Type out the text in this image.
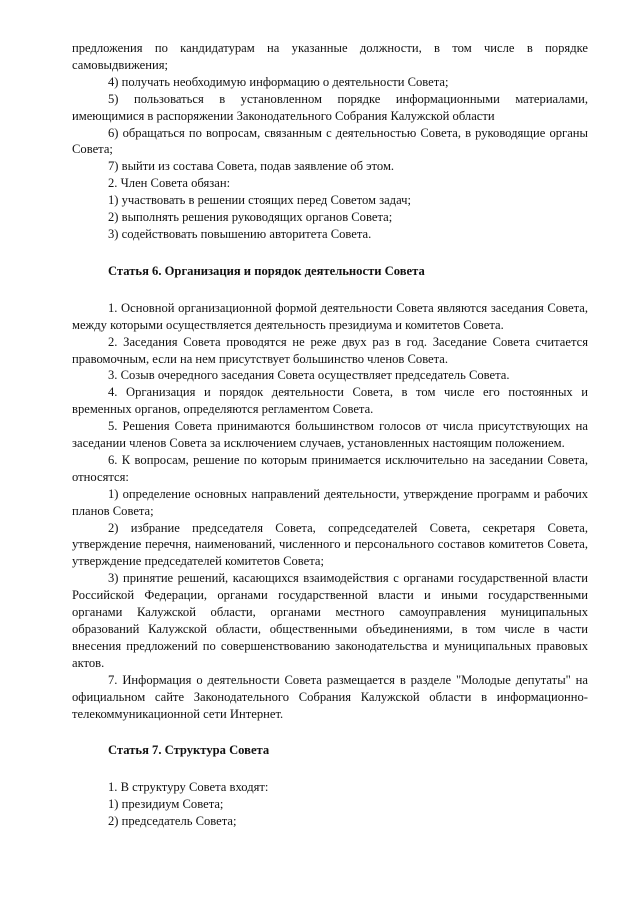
предложения по кандидатурам на указанные должности, в том числе в порядке самовыдвижения;

4) получать необходимую информацию о деятельности Совета;

5) пользоваться в установленном порядке информационными материалами, имеющимися в распоряжении Законодательного Собрания Калужской области

6) обращаться по вопросам, связанным с деятельностью Совета, в руководящие органы Совета;

7) выйти из состава Совета, подав заявление об этом.

2. Член Совета обязан:

1) участвовать в решении стоящих перед Советом задач;

2) выполнять решения руководящих органов Совета;

3) содействовать повышению авторитета Совета.

Статья 6. Организация и порядок деятельности Совета

1. Основной организационной формой деятельности Совета являются заседания Совета, между которыми осуществляется деятельность президиума и комитетов Совета.

2. Заседания Совета проводятся не реже двух раз в год. Заседание Совета считается правомочным, если на нем присутствует большинство членов Совета.

3. Созыв очередного заседания Совета осуществляет председатель Совета.

4. Организация и порядок деятельности Совета, в том числе его постоянных и временных органов, определяются регламентом Совета.

5. Решения Совета принимаются большинством голосов от числа присутствующих на заседании членов Совета за исключением случаев, установленных настоящим положением.

6. К вопросам, решение по которым принимается исключительно на заседании Совета, относятся:

1) определение основных направлений деятельности, утверждение программ и рабочих планов Совета;

2) избрание председателя Совета, сопредседателей Совета, секретаря Совета, утверждение перечня, наименований, численного и персонального составов комитетов Совета, утверждение председателей комитетов Совета;

3) принятие решений, касающихся взаимодействия с органами государственной власти Российской Федерации, органами государственной власти и иными государственными органами Калужской области, органами местного самоуправления муниципальных образований Калужской области, общественными объединениями, в том числе в части внесения предложений по совершенствованию законодательства и муниципальных правовых актов.

7. Информация о деятельности Совета размещается в разделе "Молодые депутаты" на официальном сайте Законодательного Собрания Калужской области в информационно-телекоммуникационной сети Интернет.

Статья 7. Структура Совета

1. В структуру Совета входят:

1) президиум Совета;

2) председатель Совета;
